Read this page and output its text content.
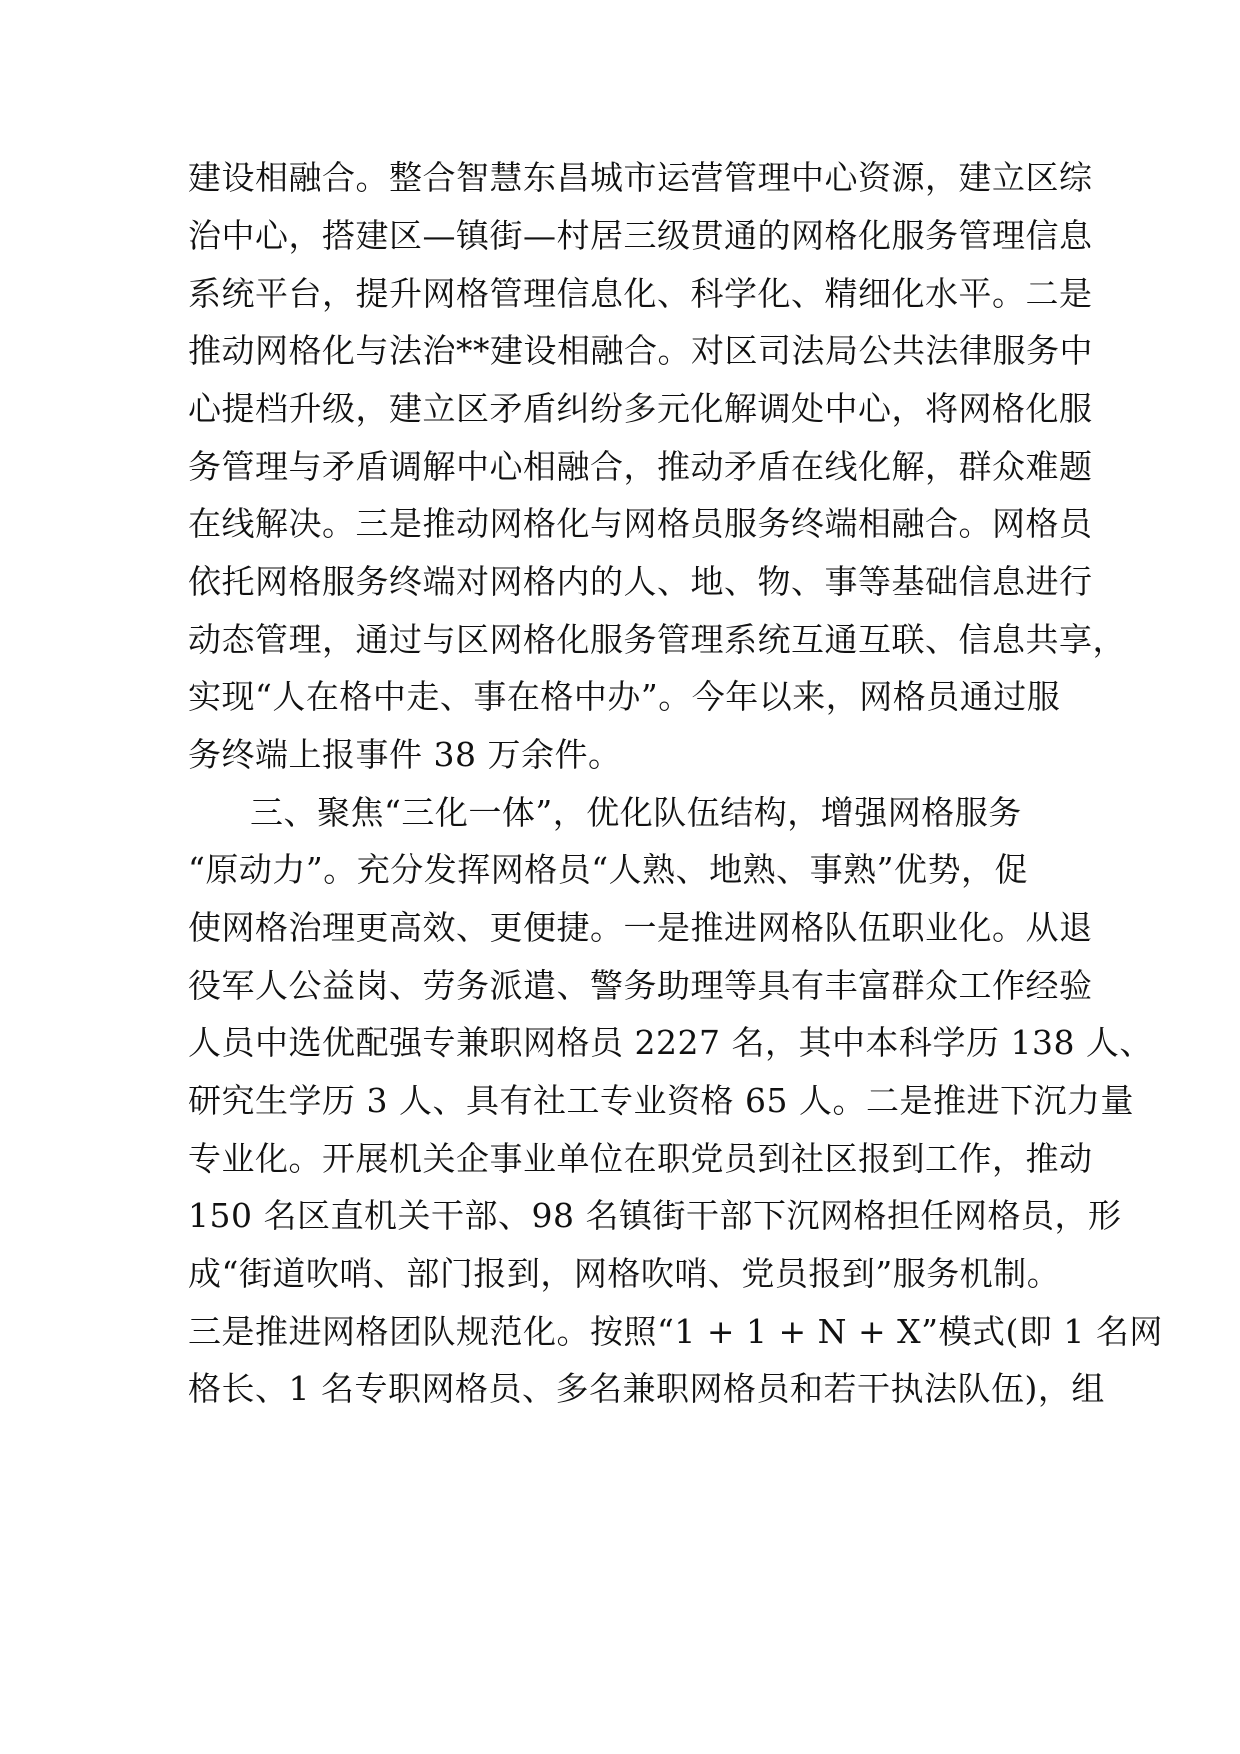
建设相融合。整合智慧东昌城市运营管理中心资源，建立区综
治中心，搭建区—镇街—村居三级贯通的网格化服务管理信息
系统平台，提升网格管理信息化、科学化、精细化水平。二是
推动网格化与法治**建设相融合。对区司法局公共法律服务中
心提档升级，建立区矛盾纠纷多元化解调处中心，将网格化服
务管理与矛盾调解中心相融合，推动矛盾在线化解，群众难题
在线解决。三是推动网格化与网格员服务终端相融合。网格员
依托网格服务终端对网格内的人、地、物、事等基础信息进行
动态管理，通过与区网格化服务管理系统互通互联、信息共享，
实现“人在格中走、事在格中办”。今年以来，网格员通过服
务终端上报事件 38 万余件。
三、聚焦“三化一体”，优化队伍结构，增强网格服务
“原动力”。充分发挥网格员“人熟、地熟、事熟”优势，促
使网格治理更高效、更便捷。一是推进网格队伍职业化。从退
役军人公益岗、劳务派遣、警务助理等具有丰富群众工作经验
人员中选优配强专兼职网格员 2227 名，其中本科学历 138 人、
研究生学历 3 人、具有社工专业资格 65 人。二是推进下沉力量
专业化。开展机关企事业单位在职党员到社区报到工作，推动
150 名区直机关干部、98 名镇街干部下沉网格担任网格员，形
成“街道吹哨、部门报到，网格吹哨、党员报到”服务机制。
三是推进网格团队规范化。按照“1 + 1 + N + X”模式(即 1 名网
格长、1 名专职网格员、多名兼职网格员和若干执法队伍)，组
